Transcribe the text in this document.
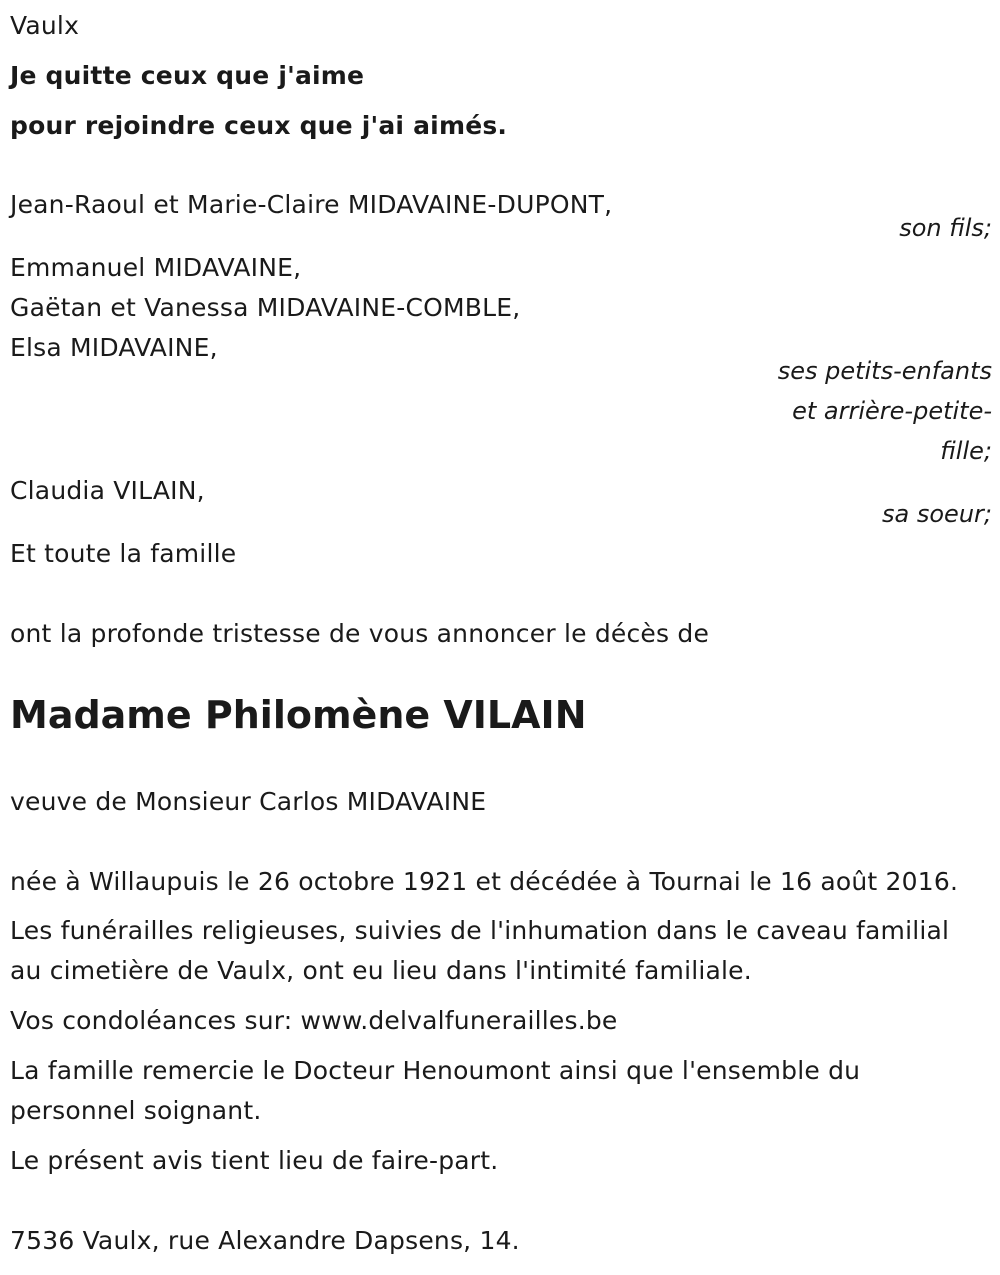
Vaulx
Je quitte ceux que j'aime
pour rejoindre ceux que j'ai aimés.
Jean-Raoul et Marie-Claire MIDAVAINE-DUPONT,
son fils;
Emmanuel MIDAVAINE,
Gaëtan et Vanessa MIDAVAINE-COMBLE,
Elsa MIDAVAINE,
ses petits-enfants
et arrière-petite-
fille;
Claudia VILAIN,
sa soeur;
Et toute la famille
ont la profonde tristesse de vous annoncer le décès de
Madame Philomène VILAIN
veuve de Monsieur Carlos MIDAVAINE
née à Willaupuis le 26 octobre 1921 et décédée à Tournai le 16 août 2016.
Les funérailles religieuses, suivies de l'inhumation dans le caveau familial
au cimetière de Vaulx, ont eu lieu dans l'intimité familiale.
Vos condoléances sur: www.delvalfunerailles.be
La famille remercie le Docteur Henoumont ainsi que l'ensemble du
personnel soignant.
Le présent avis tient lieu de faire-part.
7536 Vaulx, rue Alexandre Dapsens, 14.
